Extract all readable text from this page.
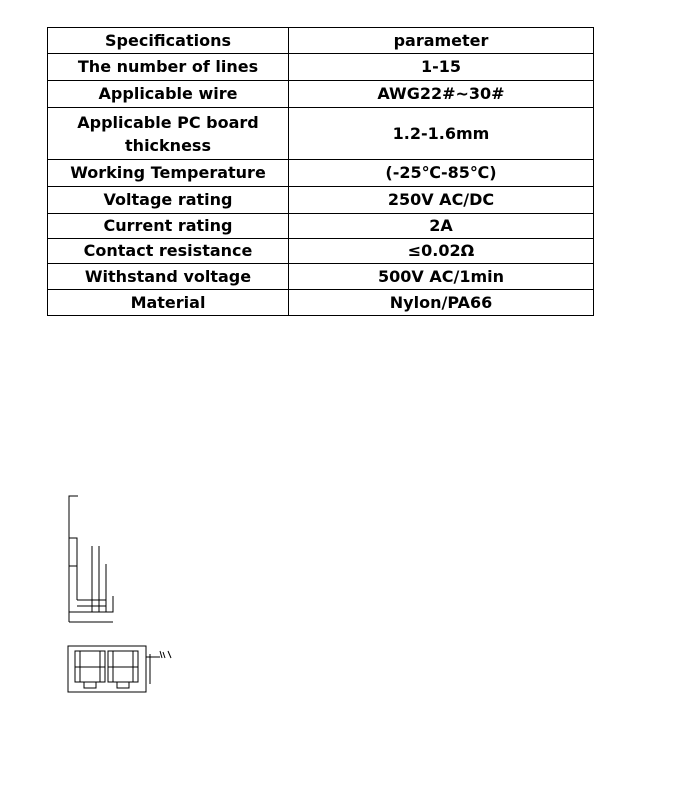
Specifications	parameter
The number of lines	1-15
Applicable wire	AWG22#~30#
Applicable PC board thickness	1.2-1.6mm
Working Temperature	(-25℃-85℃)
Voltage rating	250V AC/DC
Current rating	2A
Contact resistance	≤0.02Ω
Withstand voltage	500V AC/1min
Material	Nylon/PA66
